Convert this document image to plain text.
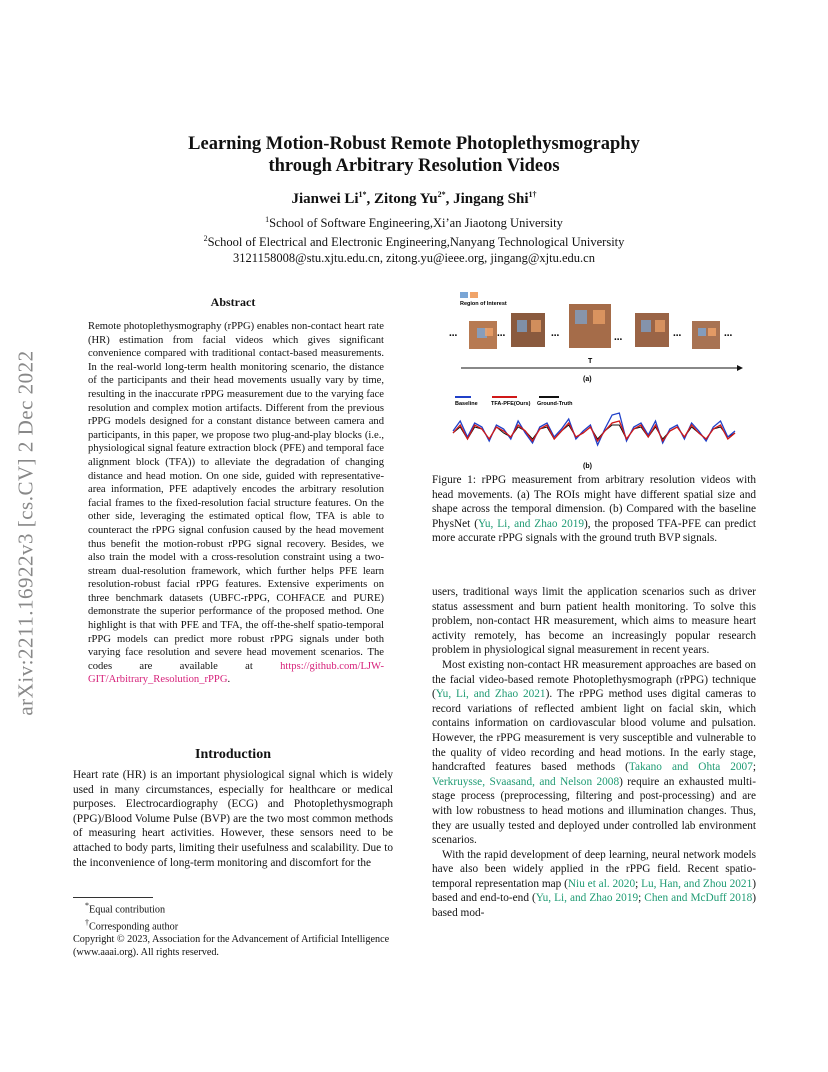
Learning Motion-Robust Remote Photoplethysmography
through Arbitrary Resolution Videos
Jianwei $Li^{1*}$, Zitong $Yu^{2*}$, Jingang Shi$^{1\dagger}$
$^1$School of Software Engineering,Xi’an Jiaotong University
$^2$School of Electrical and Electronic Engineering,Nanyang Technological University
3121158008@stu.xjtu.edu.cn, zitong.yu@ieee.org, jingang@xjtu.edu.cn
arXiv:2211.16922v3 [cs.CV] 2 Dec 2022
Abstract

Remote photoplethysmography (rPPG) enables non-contact heart rate (HR) estimation from facial videos which gives significant convenience compared with traditional contact-based measurements. In the real-world long-term health monitoring scenario, the distance of the participants and their head movements usually vary by time, resulting in the inaccurate rPPG measurement due to the varying face resolution and complex motion artifacts. Different from the previous rPPG models designed for a constant distance between camera and participants, in this paper, we propose two plug-and-play blocks (i.e., physiological signal feature extraction block (PFE) and temporal face alignment block (TFA)) to alleviate the degradation of changing distance and head motion. On one side, guided with representative-area information, PFE adaptively encodes the arbitrary resolution facial frames to the fixed-resolution facial structure features. On the other side, leveraging the estimated optical flow, TFA is able to counteract the rPPG signal confusion caused by the head movement thus benefit the motion-robust rPPG signal recovery. Besides, we also train the model with a cross-resolution constraint using a two-stream dual-resolution framework, which further helps PFE learn resolution-robust facial rPPG features. Extensive experiments on three benchmark datasets (UBFC-rPPG, COHFACE and PURE) demonstrate the superior performance of the proposed method. One highlight is that with PFE and TFA, the off-the-shelf spatio-temporal rPPG models can predict more robust rPPG signals under both varying face resolution and severe head movement scenarios. The codes are available at https://github.com/LJW-GIT/Arbitrary_Resolution_rPPG.

Introduction

Heart rate (HR) is an important physiological signal which is widely used in many circumstances, especially for healthcare or medical purposes. Electrocardiography (ECG) and Photoplethysmograph (PPG)/Blood Volume Pulse (BVP) are the two most common methods of measuring heart activities. However, these sensors need to be attached to body parts, limiting their usefulness and scalability. Due to the inconvenience of long-term monitoring and discomfort for the

*Equal contribution
†Corresponding author
Copyright © 2023, Association for the Advancement of Artificial Intelligence (www.aaai.org). All rights reserved.
Region of Interest
...	...	...	...	...	...
T
(a)
Baseline TFA-PFE(Ours) Ground-Truth
(b)
Figure 1: rPPG measurement from arbitrary resolution videos with head movements. (a) The ROIs might have different spatial size and shape across the temporal dimension. (b) Compared with the baseline PhysNet (Yu, Li, and Zhao 2019), the proposed TFA-PFE can predict more accurate rPPG signals with the ground truth BVP signals.

users, traditional ways limit the application scenarios such as driver status assessment and burn patient health monitoring. To solve this problem, non-contact HR measurement, which aims to measure heart activity remotely, has become an increasingly popular research problem in physiological signal measurement in recent years.

Most existing non-contact HR measurement approaches are based on the facial video-based remote Photoplethysmograph (rPPG) technique (Yu, Li, and Zhao 2021). The rPPG method uses digital cameras to record variations of reflected ambient light on facial skin, which contains information on cardiovascular blood volume and pulsation. However, the rPPG measurement is very susceptible and vulnerable to the quality of video recording and head motions. In the early stage, handcrafted features based methods (Takano and Ohta 2007; Verkruysse, Svaasand, and Nelson 2008) require an exhausted multi-stage process (preprocessing, filtering and post-processing) and are with low robustness to head motions and illumination changes. Thus, they are usually tested and deployed under controlled lab environment scenarios.

With the rapid development of deep learning, neural network models have also been widely applied in the rPPG field. Recent spatio-temporal representation map (Niu et al. 2020; Lu, Han, and Zhou 2021) based and end-to-end (Yu, Li, and Zhao 2019; Chen and McDuff 2018) based mod-
